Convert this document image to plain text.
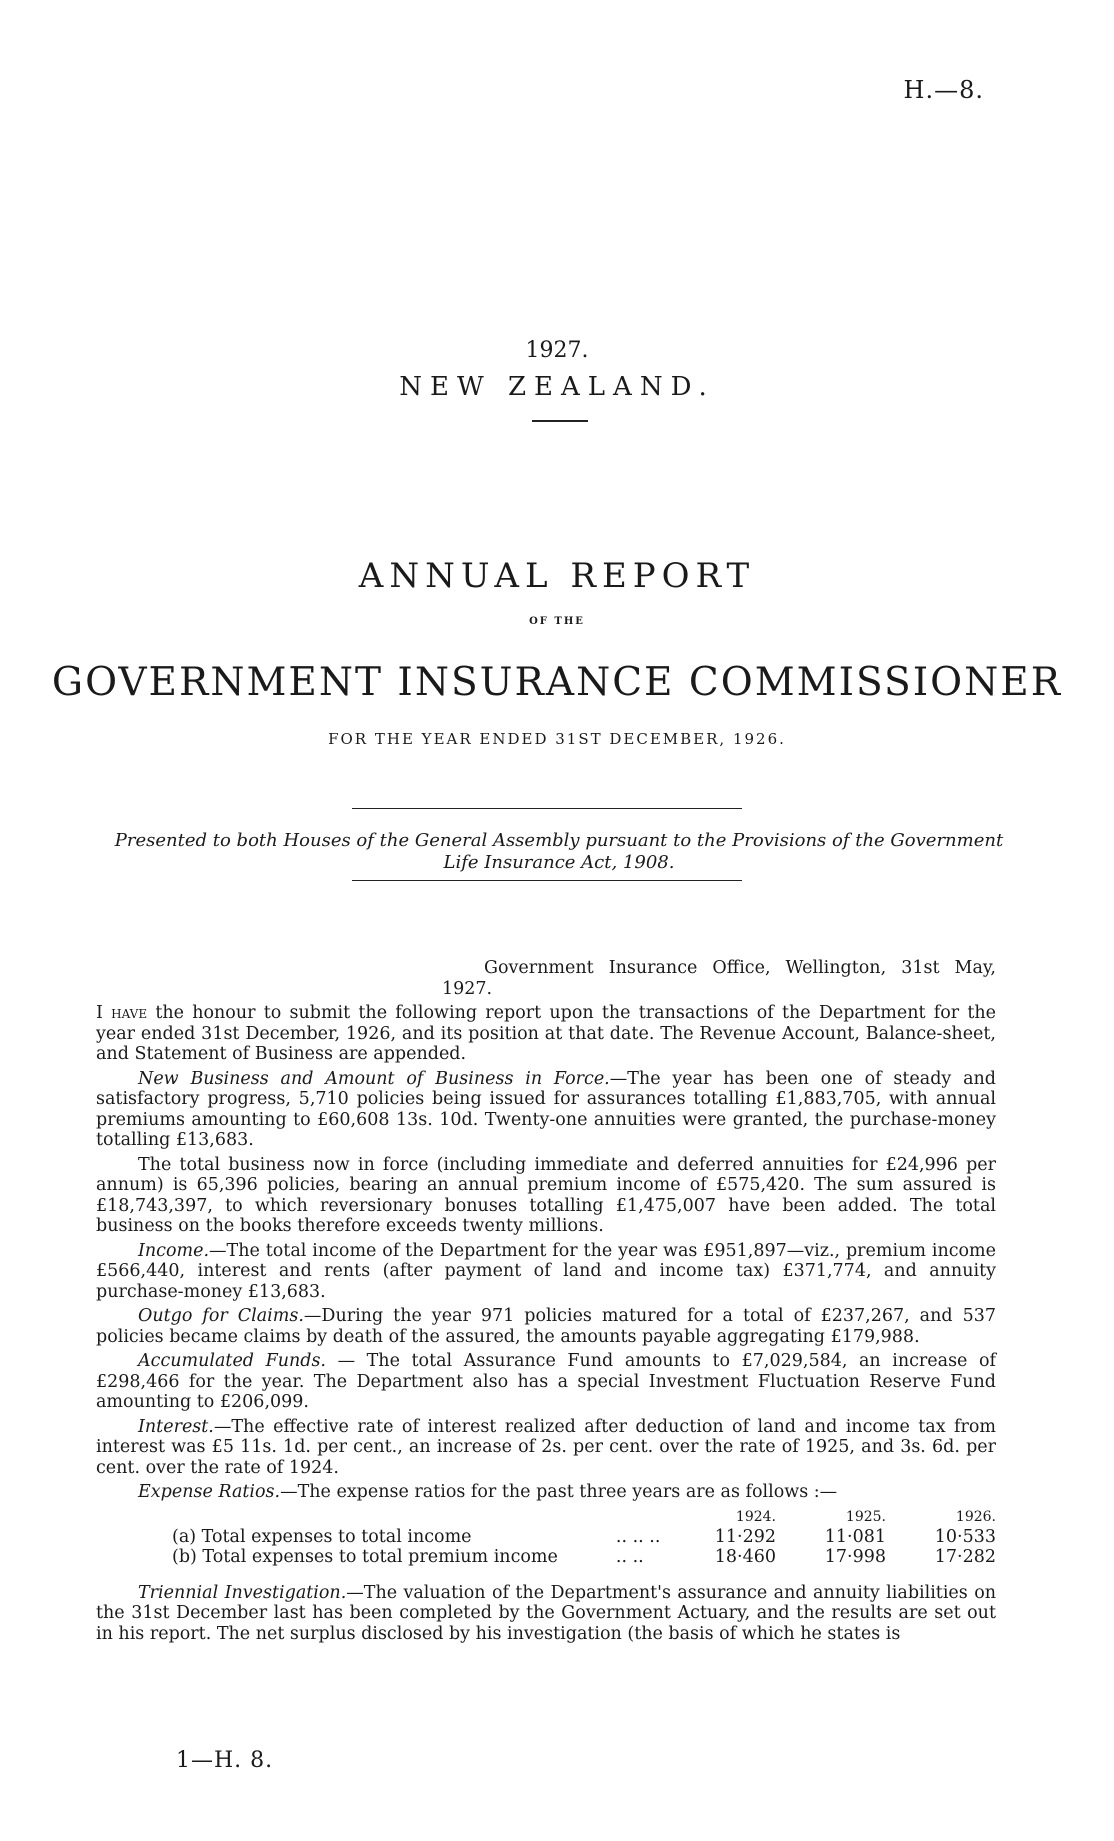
H.—8.
1927.
NEW ZEALAND.
ANNUAL REPORT
OF THE
GOVERNMENT INSURANCE COMMISSIONER
FOR THE YEAR ENDED 31ST DECEMBER, 1926.
Presented to both Houses of the General Assembly pursuant to the Provisions of the Government Life Insurance Act, 1908.

Government Insurance Office, Wellington, 31st May, 1927.

I have the honour to submit the following report upon the transactions of the Department for the year ended 31st December, 1926, and its position at that date. The Revenue Account, Balance-sheet, and Statement of Business are appended.

New Business and Amount of Business in Force.—The year has been one of steady and satisfactory progress, 5,710 policies being issued for assurances totalling £1,883,705, with annual premiums amounting to £60,608 13s. 10d. Twenty-one annuities were granted, the purchase-money totalling £13,683.

The total business now in force (including immediate and deferred annuities for £24,996 per annum) is 65,396 policies, bearing an annual premium income of £575,420. The sum assured is £18,743,397, to which reversionary bonuses totalling £1,475,007 have been added. The total business on the books therefore exceeds twenty millions.

Income.—The total income of the Department for the year was £951,897—viz., premium income £566,440, interest and rents (after payment of land and income tax) £371,774, and annuity purchase-money £13,683.

Outgo for Claims.—During the year 971 policies matured for a total of £237,267, and 537 policies became claims by death of the assured, the amounts payable aggregating £179,988.

Accumulated Funds. — The total Assurance Fund amounts to £7,029,584, an increase of £298,466 for the year. The Department also has a special Investment Fluctuation Reserve Fund amounting to £206,099.

Interest.—The effective rate of interest realized after deduction of land and income tax from interest was £5 11s. 1d. per cent., an increase of 2s. per cent. over the rate of 1925, and 3s. 6d. per cent. over the rate of 1924.

Expense Ratios.—The expense ratios for the past three years are as follows :—

		1924.	1925.	1926.
(a) Total expenses to total income	.. .. ..	11·292	11·081	10·533
(b) Total expenses to total premium income	.. ..	18·460	17·998	17·282

Triennial Investigation.—The valuation of the Department's assurance and annuity liabilities on the 31st December last has been completed by the Government Actuary, and the results are set out in his report. The net surplus disclosed by his investigation (the basis of which he states is

1—H. 8.
